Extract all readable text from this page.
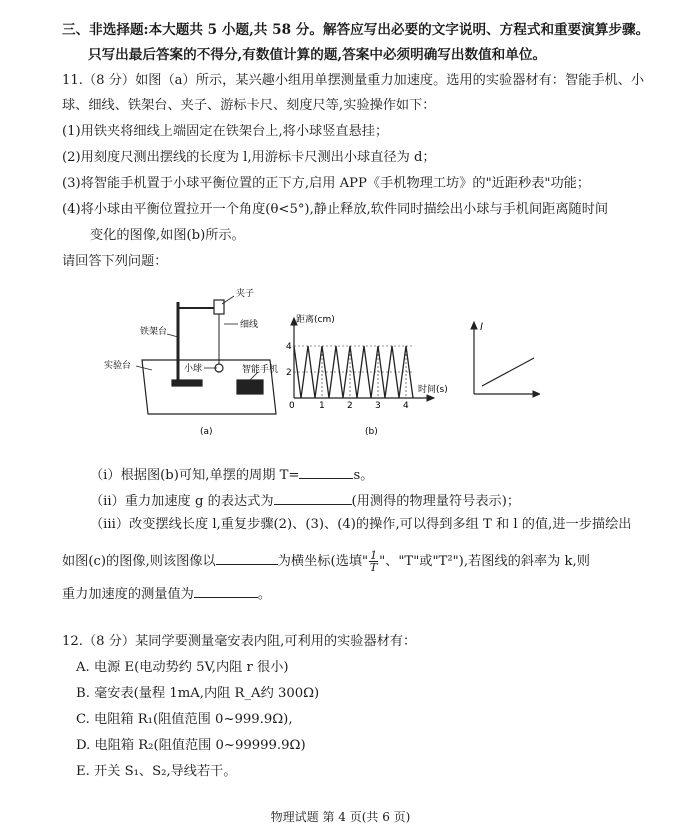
三、非选择题:本大题共 5 小题,共 58 分。解答应写出必要的文字说明、方程式和重要演算步骤。
只写出最后答案的不得分,有数值计算的题,答案中必须明确写出数值和单位。
11.（8 分）如图（a）所示，某兴趣小组用单摆测量重力加速度。选用的实验器材有：智能手机、小
球、细线、铁架台、夹子、游标卡尺、刻度尺等,实验操作如下：
(1)用铁夹将细线上端固定在铁架台上,将小球竖直悬挂；
(2)用刻度尺测出摆线的长度为 l,用游标卡尺测出小球直径为 d；
(3)将智能手机置于小球平衡位置的正下方,启用 APP《手机物理工坊》的"近距秒表"功能；
(4)将小球由平衡位置拉开一个角度(θ<5°),静止释放,软件同时描绘出小球与手机间距离随时间
变化的图像,如图(b)所示。
请回答下列问题：
夹子
铁架台
细线
实验台	小球	智能手机
(a)
距离(cm)
时间(s)
4
2
0	1 2 3 4
(b)
l
（i）根据图(b)可知,单摆的周期 T=	s。
（ii）重力加速度 g 的表达式为	(用测得的物理量符号表示)；
（iii）改变摆线长度 l,重复步骤(2)、(3)、(4)的操作,可以得到多组 T 和 l 的值,进一步描绘出
如图(c)的图像,则该图像以	为横坐标(选填" $\frac{1}{T}$ "、"T"或"T²"),若图线的斜率为 k,则
重力加速度的测量值为	。
12.（8 分）某同学要测量毫安表内阻,可利用的实验器材有：
A. 电源 E(电动势约 5V,内阻 r 很小)
B. 毫安表(量程 1mA,内阻 R_A约 300Ω)
C. 电阻箱 R₁(阻值范围 0~999.9Ω),
D. 电阻箱 R₂(阻值范围 0~99999.9Ω)
E. 开关 S₁、S₂,导线若干。
物理试题 第 4 页(共 6 页)
